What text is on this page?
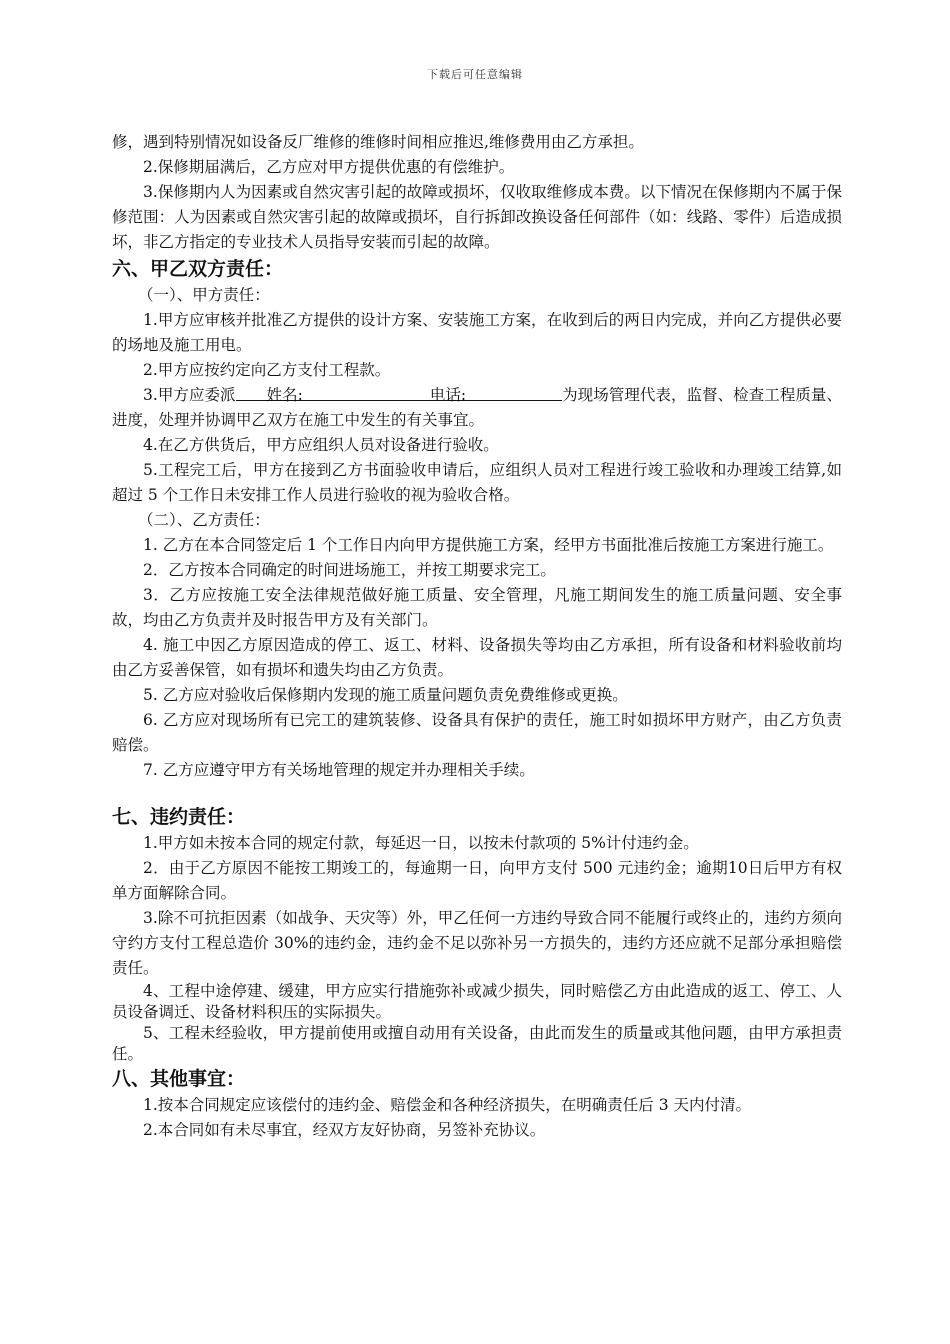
下载后可任意编辑

修，遇到特别情况如设备反厂维修的维修时间相应推迟,维修费用由乙方承担。

2.保修期届满后，乙方应对甲方提供优惠的有偿维护。

3.保修期内人为因素或自然灾害引起的故障或损坏，仅收取维修成本费。以下情况在保修期内不属于保修范围：人为因素或自然灾害引起的故障或损坏，自行拆卸改换设备任何部件（如：线路、零件）后造成损坏，非乙方指定的专业技术人员指导安装而引起的故障。

六、甲乙双方责任：

（一）、甲方责任：

1.甲方应审核并批准乙方提供的设计方案、安装施工方案，在收到后的两日内完成，并向乙方提供必要的场地及施工用电。

2.甲方应按约定向乙方支付工程款。

3.甲方应委派 姓名:	电话:	为现场管理代表，监督、检查工程质量、进度，处理并协调甲乙双方在施工中发生的有关事宜。

4.在乙方供货后，甲方应组织人员对设备进行验收。

5.工程完工后，甲方在接到乙方书面验收申请后，应组织人员对工程进行竣工验收和办理竣工结算,如超过 5 个工作日未安排工作人员进行验收的视为验收合格。

（二）、乙方责任：

1. 乙方在本合同签定后 1 个工作日内向甲方提供施工方案，经甲方书面批准后按施工方案进行施工。

2．乙方按本合同确定的时间进场施工，并按工期要求完工。

3．乙方应按施工安全法律规范做好施工质量、安全管理，凡施工期间发生的施工质量问题、安全事故，均由乙方负责并及时报告甲方及有关部门。

4. 施工中因乙方原因造成的停工、返工、材料、设备损失等均由乙方承担，所有设备和材料验收前均由乙方妥善保管，如有损坏和遗失均由乙方负责。

5. 乙方应对验收后保修期内发现的施工质量问题负责免费维修或更换。

6. 乙方应对现场所有已完工的建筑装修、设备具有保护的责任，施工时如损坏甲方财产，由乙方负责赔偿。

7. 乙方应遵守甲方有关场地管理的规定并办理相关手续。

七、违约责任：

1.甲方如未按本合同的规定付款，每延迟一日，以按未付款项的 5%计付违约金。

2．由于乙方原因不能按工期竣工的，每逾期一日，向甲方支付 500 元违约金；逾期10日后甲方有权单方面解除合同。

3.除不可抗拒因素（如战争、天灾等）外，甲乙任何一方违约导致合同不能履行或终止的，违约方须向守约方支付工程总造价 30%的违约金，违约金不足以弥补另一方损失的，违约方还应就不足部分承担赔偿责任。

4、工程中途停建、缓建，甲方应实行措施弥补或减少损失，同时赔偿乙方由此造成的返工、停工、人员设备调迁、设备材料积压的实际损失。

5、工程未经验收，甲方提前使用或擅自动用有关设备，由此而发生的质量或其他问题，由甲方承担责任。

八、其他事宜：

1.按本合同规定应该偿付的违约金、赔偿金和各种经济损失，在明确责任后 3 天内付清。

2.本合同如有未尽事宜，经双方友好协商，另签补充协议。
